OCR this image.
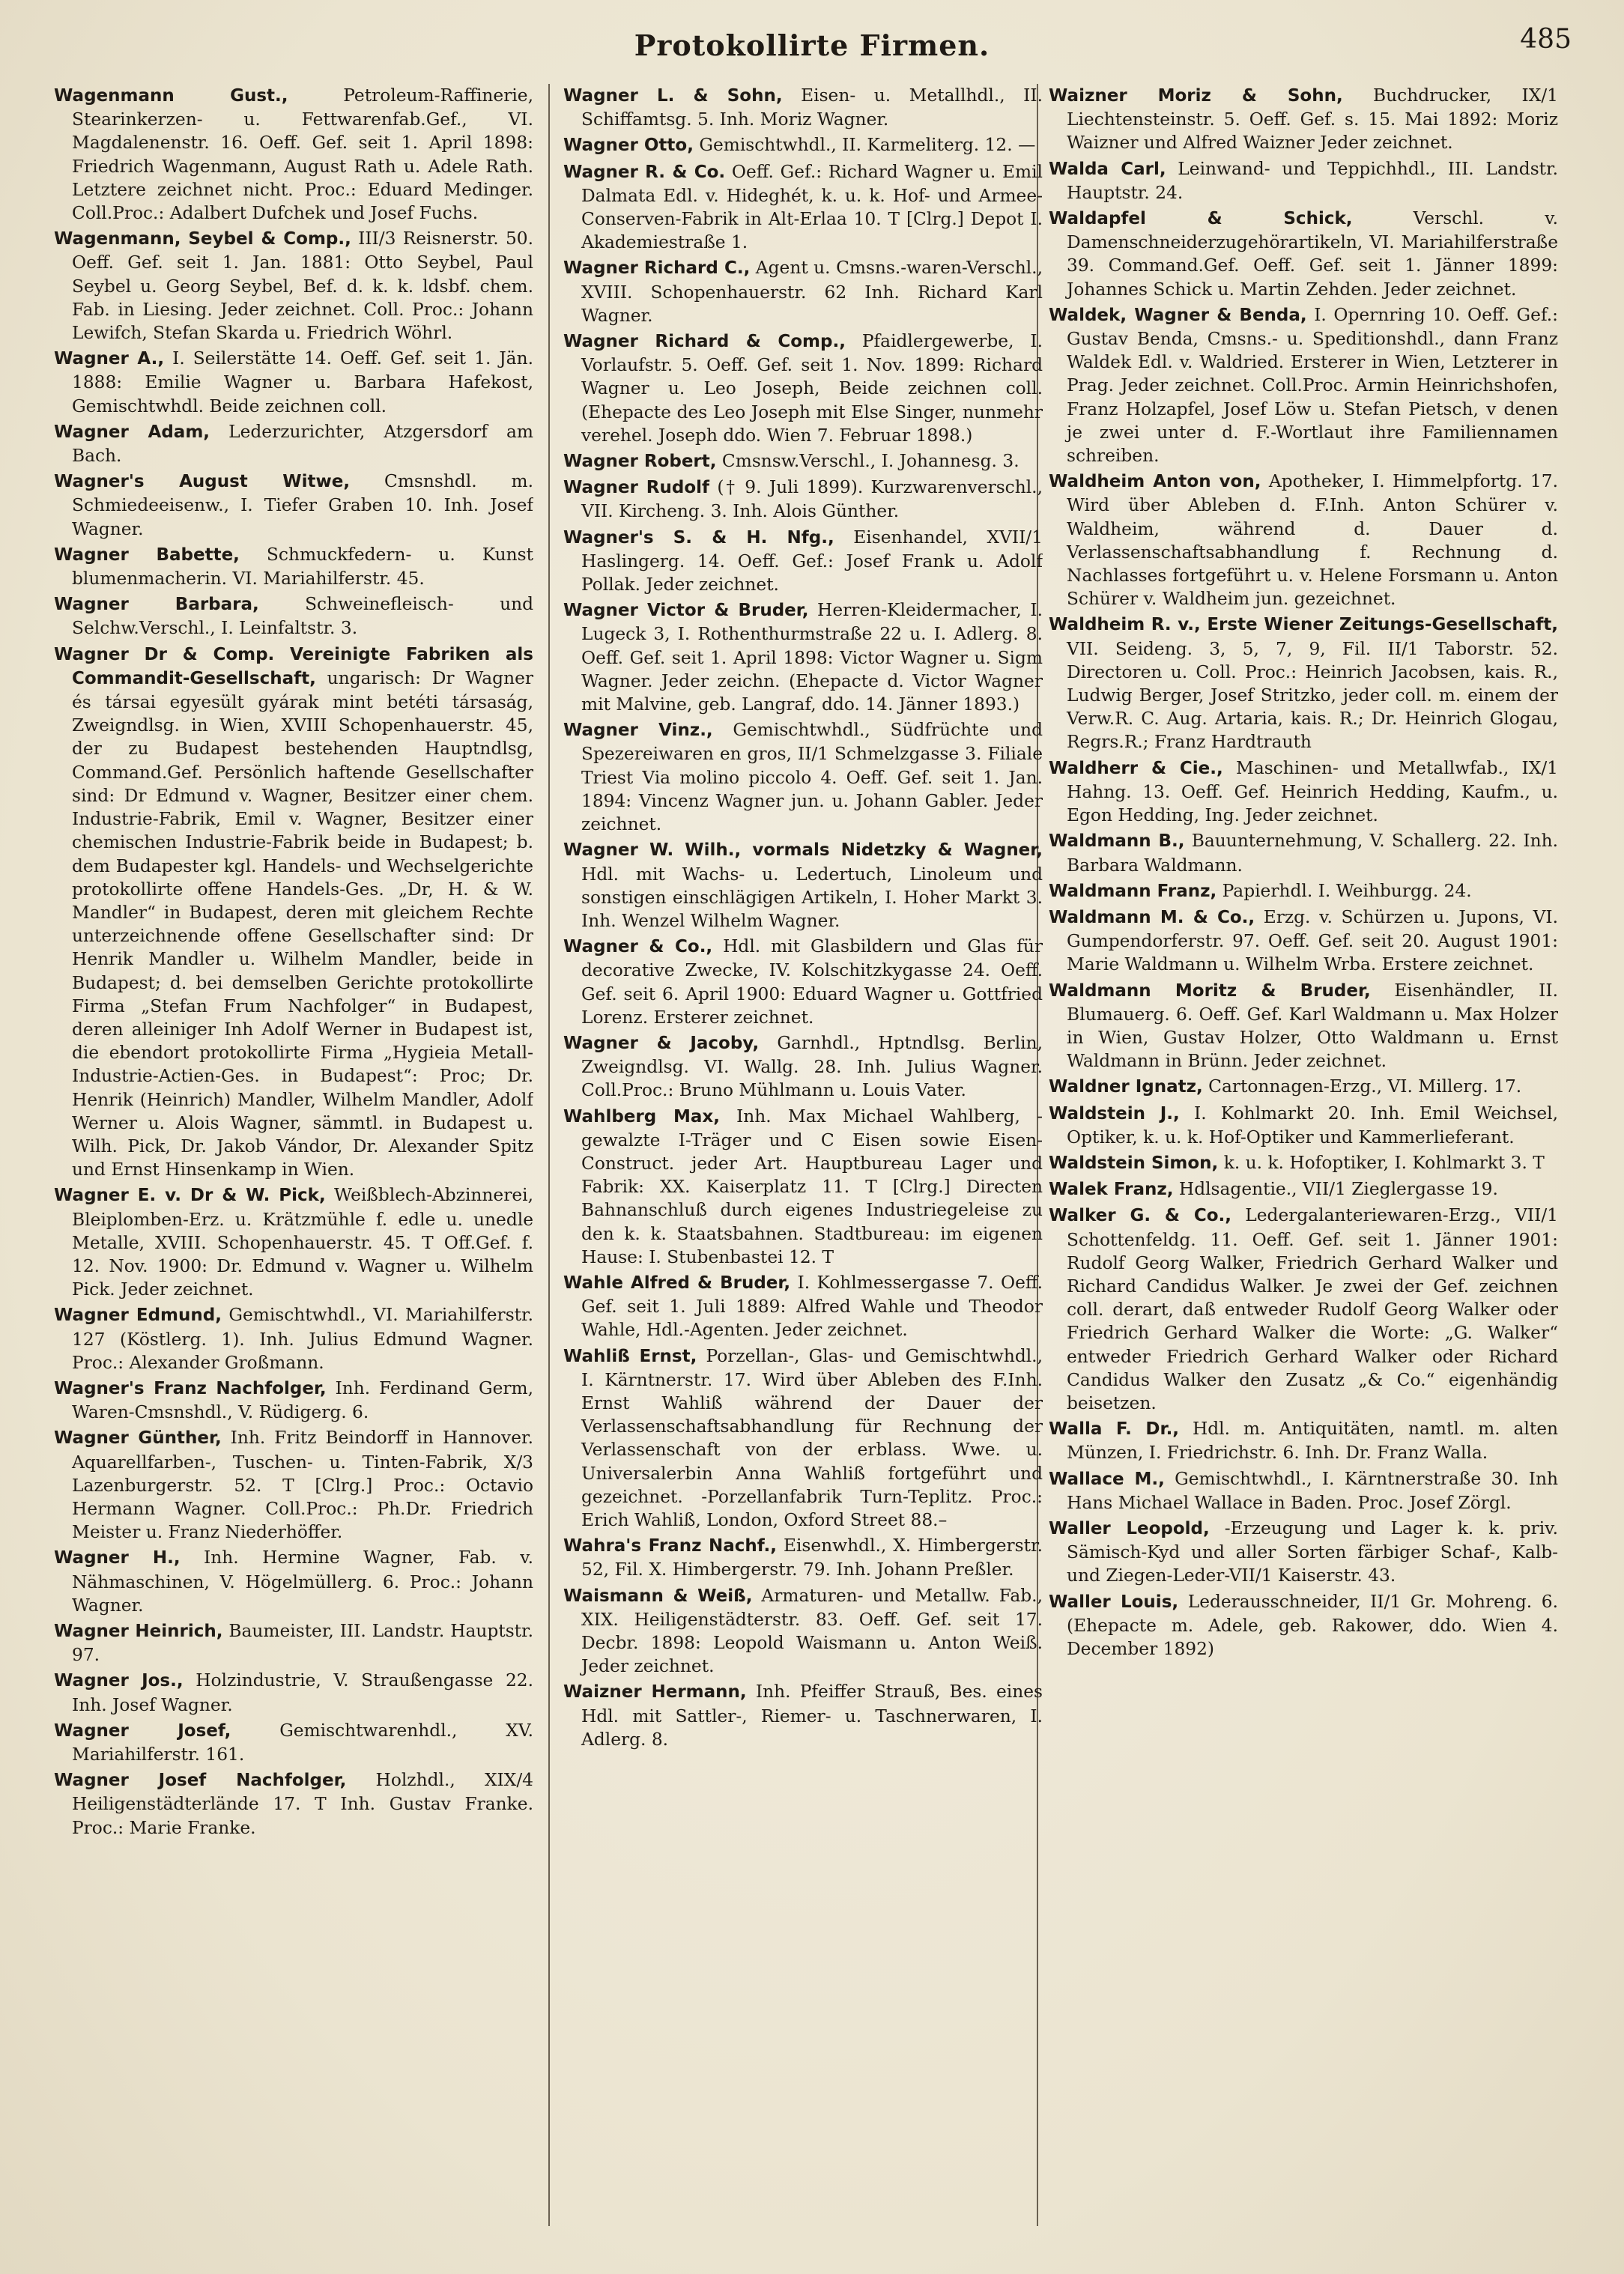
Protokollirte Firmen.	485
Wagenmann Gust., Petroleum-Raffinerie, Stearinkerzen- u. Fettwarenfab.Gef., VI. Magdalenenstr. 16. Oeff. Gef. seit 1. April 1898: Friedrich Wagenmann, August Rath u. Adele Rath. Letztere zeichnet nicht. Proc.: Eduard Medinger. Coll.Proc.: Adalbert Dufchek und Josef Fuchs.
Wagenmann, Seybel & Comp., III/3 Reisnerstr. 50. Oeff. Gef. seit 1. Jan. 1881: Otto Seybel, Paul Seybel u. Georg Seybel, Bef. d. k. k. ldsbf. chem. Fab. in Liesing. Jeder zeichnet. Coll. Proc.: Johann Lewifch, Stefan Skarda u. Friedrich Wöhrl.
Wagner A., I. Seilerstätte 14. Oeff. Gef. seit 1. Jän. 1888: Emilie Wagner u. Barbara Hafekost, Gemischtwhdl. Beide zeichnen coll.
Wagner Adam, Lederzurichter, Atzgersdorf am Bach.
Wagner's August Witwe, Cmsnshdl. m. Schmiedeeisenw., I. Tiefer Graben 10. Inh. Josef Wagner.
Wagner Babette, Schmuckfedern- u. Kunst blumenmacherin. VI. Mariahilferstr. 45.
Wagner Barbara, Schweinefleisch- und Selchw.Verschl., I. Leinfaltstr. 3.
Wagner Dr & Comp. Vereinigte Fabriken als Commandit-Gesellschaft, ungarisch: Dr Wagner és társai egyesült gyárak mint betéti társaság, Zweigndlsg. in Wien, XVIII Schopenhauerstr. 45, der zu Budapest bestehenden Hauptndlsg, Command.Gef. Persönlich haftende Gesellschafter sind: Dr Edmund v. Wagner, Besitzer einer chem. Industrie-Fabrik, Emil v. Wagner, Besitzer einer chemischen Industrie-Fabrik beide in Budapest; b. dem Budapester kgl. Handels- und Wechselgerichte protokollirte offene Handels-Ges. „Dr, H. & W. Mandler“ in Budapest, deren mit gleichem Rechte unterzeichnende offene Gesellschafter sind: Dr Henrik Mandler u. Wilhelm Mandler, beide in Budapest; d. bei demselben Gerichte protokollirte Firma „Stefan Frum Nachfolger“ in Budapest, deren alleiniger Inh Adolf Werner in Budapest ist, die ebendort protokollirte Firma „Hygieia Metall-Industrie-Actien-Ges. in Budapest“: Proc; Dr. Henrik (Heinrich) Mandler, Wilhelm Mandler, Adolf Werner u. Alois Wagner, sämmtl. in Budapest u. Wilh. Pick, Dr. Jakob Vándor, Dr. Alexander Spitz und Ernst Hinsenkamp in Wien.
Wagner E. v. Dr & W. Pick, Weißblech-Abzinnerei, Bleiplomben-Erz. u. Krätzmühle f. edle u. unedle Metalle, XVIII. Schopenhauerstr. 45. T Off.Gef. f. 12. Nov. 1900: Dr. Edmund v. Wagner u. Wilhelm Pick. Jeder zeichnet.
Wagner Edmund, Gemischtwhdl., VI. Mariahilferstr. 127 (Köstlerg. 1). Inh. Julius Edmund Wagner. Proc.: Alexander Großmann.
Wagner's Franz Nachfolger, Inh. Ferdinand Germ, Waren-Cmsnshdl., V. Rüdigerg. 6.
Wagner Günther, Inh. Fritz Beindorff in Hannover. Aquarellfarben-, Tuschen- u. Tinten-Fabrik, X/3 Lazenburgerstr. 52. T [Clrg.] Proc.: Octavio Hermann Wagner. Coll.Proc.: Ph.Dr. Friedrich Meister u. Franz Niederhöffer.
Wagner H., Inh. Hermine Wagner, Fab. v. Nähmaschinen, V. Högelmüllerg. 6. Proc.: Johann Wagner.
Wagner Heinrich, Baumeister, III. Landstr. Hauptstr. 97.
Wagner Jos., Holzindustrie, V. Straußengasse 22. Inh. Josef Wagner.
Wagner Josef, Gemischtwarenhdl., XV. Mariahilferstr. 161.
Wagner Josef Nachfolger, Holzhdl., XIX/4 Heiligenstädterlände 17. T Inh. Gustav Franke. Proc.: Marie Franke.
Wagner L. & Sohn, Eisen- u. Metallhdl., II. Schiffamtsg. 5. Inh. Moriz Wagner.
Wagner Otto, Gemischtwhdl., II. Karmeliterg. 12. —
Wagner R. & Co. Oeff. Gef.: Richard Wagner u. Emil Dalmata Edl. v. Hideghét, k. u. k. Hof- und Armee-Conserven-Fabrik in Alt-Erlaa 10. T [Clrg.] Depot I. Akademiestraße 1.
Wagner Richard C., Agent u. Cmsns.-waren-Verschl., XVIII. Schopenhauerstr. 62 Inh. Richard Karl Wagner.
Wagner Richard & Comp., Pfaidlergewerbe, I. Vorlaufstr. 5. Oeff. Gef. seit 1. Nov. 1899: Richard Wagner u. Leo Joseph, Beide zeichnen coll. (Ehepacte des Leo Joseph mit Else Singer, nunmehr verehel. Joseph ddo. Wien 7. Februar 1898.)
Wagner Robert, Cmsnsw.Verschl., I. Johannesg. 3.
Wagner Rudolf († 9. Juli 1899). Kurzwarenverschl., VII. Kircheng. 3. Inh. Alois Günther.
Wagner's S. & H. Nfg., Eisenhandel, XVII/1 Haslingerg. 14. Oeff. Gef.: Josef Frank u. Adolf Pollak. Jeder zeichnet.
Wagner Victor & Bruder, Herren-Kleidermacher, I. Lugeck 3, I. Rothenthurmstraße 22 u. I. Adlerg. 8. Oeff. Gef. seit 1. April 1898: Victor Wagner u. Sigm Wagner. Jeder zeichn. (Ehepacte d. Victor Wagner mit Malvine, geb. Langraf, ddo. 14. Jänner 1893.)
Wagner Vinz., Gemischtwhdl., Südfrüchte und Spezereiwaren en gros, II/1 Schmelzgasse 3. Filiale Triest Via molino piccolo 4. Oeff. Gef. seit 1. Jan. 1894: Vincenz Wagner jun. u. Johann Gabler. Jeder zeichnet.
Wagner W. Wilh., vormals Nidetzky & Wagner, Hdl. mit Wachs- u. Ledertuch, Linoleum und sonstigen einschlägigen Artikeln, I. Hoher Markt 3. Inh. Wenzel Wilhelm Wagner.
Wagner & Co., Hdl. mit Glasbildern und Glas für decorative Zwecke, IV. Kolschitzkygasse 24. Oeff. Gef. seit 6. April 1900: Eduard Wagner u. Gottfried Lorenz. Ersterer zeichnet.
Wagner & Jacoby, Garnhdl., Hptndlsg. Berlin, Zweigndlsg. VI. Wallg. 28. Inh. Julius Wagner. Coll.Proc.: Bruno Mühlmann u. Louis Vater.
Wahlberg Max, Inh. Max Michael Wahlberg, -gewalzte I-Träger und C Eisen sowie Eisen-Construct. jeder Art. Hauptbureau Lager und Fabrik: XX. Kaiserplatz 11. T [Clrg.] Directen Bahnanschluß durch eigenes Industriegeleise zu den k. k. Staatsbahnen. Stadtbureau: im eigenen Hause: I. Stubenbastei 12. T
Wahle Alfred & Bruder, I. Kohlmessergasse 7. Oeff. Gef. seit 1. Juli 1889: Alfred Wahle und Theodor Wahle, Hdl.-Agenten. Jeder zeichnet.
Wahliß Ernst, Porzellan-, Glas- und Gemischtwhdl., I. Kärntnerstr. 17. Wird über Ableben des F.Inh. Ernst Wahliß während der Dauer der Verlassenschaftsabhandlung für Rechnung der Verlassenschaft von der erblass. Wwe. u. Universalerbin Anna Wahliß fortgeführt und gezeichnet. -Porzellanfabrik Turn-Teplitz. Proc.: Erich Wahliß, London, Oxford Street 88.–
Wahra's Franz Nachf., Eisenwhdl., X. Himbergerstr. 52, Fil. X. Himbergerstr. 79. Inh. Johann Preßler.
Waismann & Weiß, Armaturen- und Metallw. Fab., XIX. Heiligenstädterstr. 83. Oeff. Gef. seit 17. Decbr. 1898: Leopold Waismann u. Anton Weiß. Jeder zeichnet.
Waizner Hermann, Inh. Pfeiffer Strauß, Bes. eines Hdl. mit Sattler-, Riemer- u. Taschnerwaren, I. Adlerg. 8.
Waizner Moriz & Sohn, Buchdrucker, IX/1 Liechtensteinstr. 5. Oeff. Gef. s. 15. Mai 1892: Moriz Waizner und Alfred Waizner Jeder zeichnet.
Walda Carl, Leinwand- und Teppichhdl., III. Landstr. Hauptstr. 24.
Waldapfel & Schick, Verschl. v. Damenschneiderzugehörartikeln, VI. Mariahilferstraße 39. Command.Gef. Oeff. Gef. seit 1. Jänner 1899: Johannes Schick u. Martin Zehden. Jeder zeichnet.
Waldek, Wagner & Benda, I. Opernring 10. Oeff. Gef.: Gustav Benda, Cmsns.- u. Speditionshdl., dann Franz Waldek Edl. v. Waldried. Ersterer in Wien, Letzterer in Prag. Jeder zeichnet. Coll.Proc. Armin Heinrichshofen, Franz Holzapfel, Josef Löw u. Stefan Pietsch, v denen je zwei unter d. F.-Wortlaut ihre Familiennamen schreiben.
Waldheim Anton von, Apotheker, I. Himmelpfortg. 17. Wird über Ableben d. F.Inh. Anton Schürer v. Waldheim, während d. Dauer d. Verlassenschaftsabhandlung f. Rechnung d. Nachlasses fortgeführt u. v. Helene Forsmann u. Anton Schürer v. Waldheim jun. gezeichnet.
Waldheim R. v., Erste Wiener Zeitungs-Gesellschaft, VII. Seideng. 3, 5, 7, 9, Fil. II/1 Taborstr. 52. Directoren u. Coll. Proc.: Heinrich Jacobsen, kais. R., Ludwig Berger, Josef Stritzko, jeder coll. m. einem der Verw.R. C. Aug. Artaria, kais. R.; Dr. Heinrich Glogau, Regrs.R.; Franz Hardtrauth
Waldherr & Cie., Maschinen- und Metallwfab., IX/1 Hahng. 13. Oeff. Gef. Heinrich Hedding, Kaufm., u. Egon Hedding, Ing. Jeder zeichnet.
Waldmann B., Bauunternehmung, V. Schallerg. 22. Inh. Barbara Waldmann.
Waldmann Franz, Papierhdl. I. Weihburgg. 24.
Waldmann M. & Co., Erzg. v. Schürzen u. Jupons, VI. Gumpendorferstr. 97. Oeff. Gef. seit 20. August 1901: Marie Waldmann u. Wilhelm Wrba. Erstere zeichnet.
Waldmann Moritz & Bruder, Eisenhändler, II. Blumauerg. 6. Oeff. Gef. Karl Waldmann u. Max Holzer in Wien, Gustav Holzer, Otto Waldmann u. Ernst Waldmann in Brünn. Jeder zeichnet.
Waldner Ignatz, Cartonnagen-Erzg., VI. Millerg. 17.
Waldstein J., I. Kohlmarkt 20. Inh. Emil Weichsel, Optiker, k. u. k. Hof-Optiker und Kammerlieferant.
Waldstein Simon, k. u. k. Hofoptiker, I. Kohlmarkt 3. T
Walek Franz, Hdlsagentie., VII/1 Zieglergasse 19.
Walker G. & Co., Ledergalanteriewaren-Erzg., VII/1 Schottenfeldg. 11. Oeff. Gef. seit 1. Jänner 1901: Rudolf Georg Walker, Friedrich Gerhard Walker und Richard Candidus Walker. Je zwei der Gef. zeichnen coll. derart, daß entweder Rudolf Georg Walker oder Friedrich Gerhard Walker die Worte: „G. Walker“ entweder Friedrich Gerhard Walker oder Richard Candidus Walker den Zusatz „& Co.“ eigenhändig beisetzen.
Walla F. Dr., Hdl. m. Antiquitäten, namtl. m. alten Münzen, I. Friedrichstr. 6. Inh. Dr. Franz Walla.
Wallace M., Gemischtwhdl., I. Kärntnerstraße 30. Inh Hans Michael Wallace in Baden. Proc. Josef Zörgl.
Waller Leopold, -Erzeugung und Lager k. k. priv. Sämisch-Kyd und aller Sorten färbiger Schaf-, Kalb- und Ziegen-Leder-VII/1 Kaiserstr. 43.
Waller Louis, Lederausschneider, II/1 Gr. Mohreng. 6. (Ehepacte m. Adele, geb. Rakower, ddo. Wien 4. December 1892)
